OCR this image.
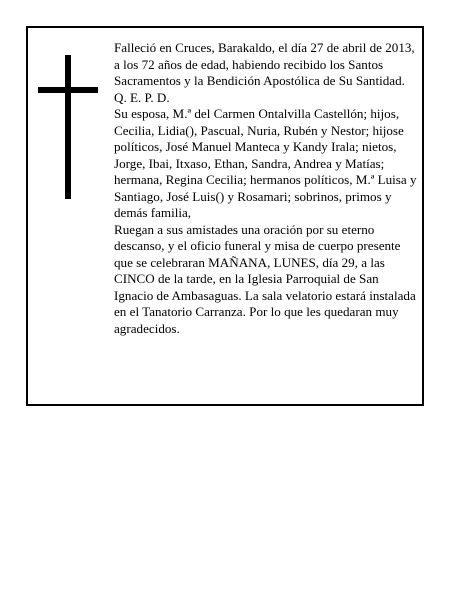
Falleció en Cruces, Barakaldo, el día 27 de abril de 2013, a los 72 años de edad, habiendo recibido los Santos Sacramentos y la Bendición Apostólica de Su Santidad.

Q. E. P. D.

Su esposa, M.ª del Carmen Ontalvilla Castellón; hijos, Cecilia, Lidia(), Pascual, Nuria, Rubén y Nestor; hijose políticos, José Manuel Manteca y Kandy Irala; nietos, Jorge, Ibai, Itxaso, Ethan, Sandra, Andrea y Matías; hermana, Regina Cecilia; hermanos políticos, M.ª Luisa y Santiago, José Luis() y Rosamari; sobrinos, primos y demás familia,

Ruegan a sus amistades una oración por su eterno descanso, y el oficio funeral y misa de cuerpo presente que se celebraran MAÑANA, LUNES, día 29, a las CINCO de la tarde, en la Iglesia Parroquial de San Ignacio de Ambasaguas. La sala velatorio estará instalada en el Tanatorio Carranza. Por lo que les quedaran muy agradecidos.
